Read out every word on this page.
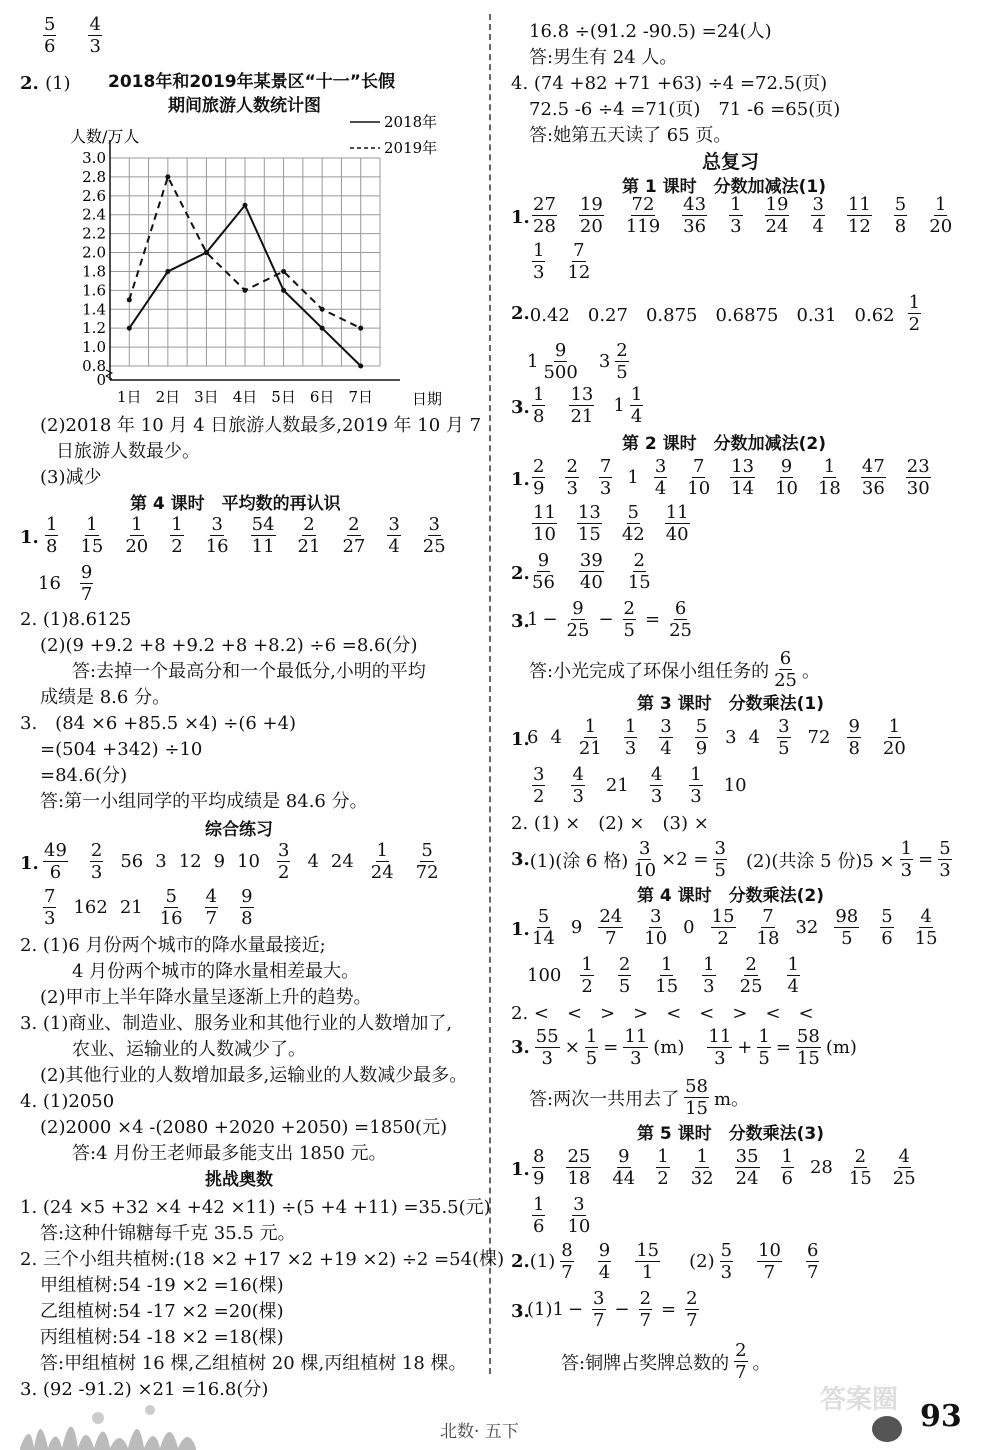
$\frac{5}{6} \frac{4}{3}$
2. (1) 2018年和2019年某景区“十一”长假
期间旅游人数统计图
0
0.8
1.0
1.2
1.4
1.6
1.8
2.0
2.2
2.4
2.6
2.8
3.0
1日 2日 3日 4日 5日 6日 7日	日期
人数/万人
2018年
2019年
(2)2018 年 10 月 4 日旅游人数最多,2019 年 10 月 7
日旅游人数最少。
(3)减少
第 4 课时　平均数的再认识
1. $\frac{1}{8} \frac{1}{15} \frac{1}{20} \frac{1}{2} \frac{3}{16} \frac{54}{11} \frac{2}{21} \frac{2}{27} \frac{3}{4} \frac{3}{25}$
$16 \frac{9}{7}$
2. (1)8.6125
(2)(9 +9.2 +8 +9.2 +8 +8.2) ÷6 =8.6(分)
答:去掉一个最高分和一个最低分,小明的平均
成绩是 8.6 分。
3.　(84 ×6 +85.5 ×4) ÷(6 +4)
=(504 +342) ÷10
=84.6(分)
答:第一小组同学的平均成绩是 84.6 分。
综合练习
1. $\frac{49}{6} \frac{2}{3} 56$ 3 12 9 $10 \frac{3}{2} 4$ $24 \frac{1}{24} \frac{5}{72}$
$\frac{7}{3} 162$ $21 \frac{5}{16} \frac{4}{7} \frac{9}{8}$
2. (1)6 月份两个城市的降水量最接近;
4 月份两个城市的降水量相差最大。
(2)甲市上半年降水量呈逐渐上升的趋势。
3. (1)商业、制造业、服务业和其他行业的人数增加了,
农业、运输业的人数减少了。
(2)其他行业的人数增加最多,运输业的人数减少最多。
4. (1)2050
(2)2000 ×4 -(2080 +2020 +2050) =1850(元)
答:4 月份王老师最多能支出 1850 元。
挑战奥数
1. (24 ×5 +32 ×4 +42 ×11) ÷(5 +4 +11) =35.5(元)
答:这种什锦糖每千克 35.5 元。
2. 三个小组共植树:(18 ×2 +17 ×2 +19 ×2) ÷2 =54(棵)
甲组植树:54 -19 ×2 =16(棵)
乙组植树:54 -17 ×2 =20(棵)
丙组植树:54 -18 ×2 =18(棵)
答:甲组植树 16 棵,乙组植树 20 棵,丙组植树 18 棵。
3. (92 -91.2) ×21 =16.8(分)
16.8 ÷(91.2 -90.5) =24(人)
答:男生有 24 人。
4. (74 +82 +71 +63) ÷4 =72.5(页)
72.5 -6 ÷4 =71(页)　71 -6 =65(页)
答:她第五天读了 65 页。
总复习
第 1 课时　分数加减法(1)
1. $\frac{27}{28} \frac{19}{20} \frac{72}{119} \frac{43}{36} \frac{1}{3} \frac{19}{24} \frac{3}{4} \frac{11}{12} \frac{5}{8} \frac{1}{20}$
$\frac{1}{3} \frac{7}{12}$
2. 0.42　0.27　0.875　0.6875　0.31　$0.62 \frac{1}{2}$
$1 \frac{9}{500} 3 \frac{2}{5}$
3. $\frac{1}{8} \frac{13}{21} 1 \frac{1}{4}$
第 2 课时　分数加减法(2)
1. $\frac{2}{9} \frac{2}{3} \frac{7}{3} 1 \frac{3}{4} \frac{7}{10} \frac{13}{14} \frac{9}{10} \frac{1}{18} \frac{47}{36} \frac{23}{30}$
$\frac{11}{10} \frac{13}{15} \frac{5}{42} \frac{11}{40}$
2. $\frac{9}{56} \frac{39}{40} \frac{2}{15}$
3.
$1 - \frac{9}{25} - \frac{2}{5} = \frac{6}{25}$
答:小光完成了环保小组任务的 $\frac{6}{25}$ 。
第 3 课时　分数乘法(1)
1.
6 $4 \frac{1}{21} \frac{1}{3} \frac{3}{4} \frac{5}{9} 3$ $4 \frac{3}{5} 72 \frac{9}{8} \frac{1}{20}$
$\frac{3}{2} \frac{4}{3} 21 \frac{4}{3} \frac{1}{3} 10$
2. (1) ×　(2) ×　(3) ×
3. (1)(涂 6 格) $\frac{3}{10} \times 2 = \frac{3}{5} (2)$(共涂 5 份)$5 \times \frac{1}{3} = \frac{5}{3}$
第 4 课时　分数乘法(2)
1. $\frac{5}{14} 9 \frac{24}{7} \frac{3}{10} 0 \frac{15}{2} \frac{7}{18} 32 \frac{98}{5} \frac{5}{6} \frac{4}{15}$
$100 \frac{1}{2} \frac{2}{5} \frac{1}{15} \frac{1}{3} \frac{2}{25} \frac{1}{4}$
2. <　<　>　>　<　<　>　<　<
3. $\frac{55}{3} \times \frac{1}{5} = \frac{11}{3} (m) \frac{11}{3} + \frac{1}{5} = \frac{58}{15} (m)$
答:两次一共用去了 $\frac{58}{15}$ m。
第 5 课时　分数乘法(3)
1. $\frac{8}{9} \frac{25}{18} \frac{9}{44} \frac{1}{2} \frac{1}{32} \frac{35}{24} \frac{1}{6} 28 \frac{2}{15} \frac{4}{25}$
$\frac{1}{6} \frac{3}{10}$
2. $(1) \frac{8}{7} \frac{9}{4} \frac{15}{1} (2) \frac{5}{3} \frac{10}{7} \frac{6}{7}$
3.
$(1)1 - \frac{3}{7} - \frac{2}{7} = \frac{2}{7}$
答:铜牌占奖牌总数的 $\frac{2}{7}$ 。
北数· 五下
答案圈 93
